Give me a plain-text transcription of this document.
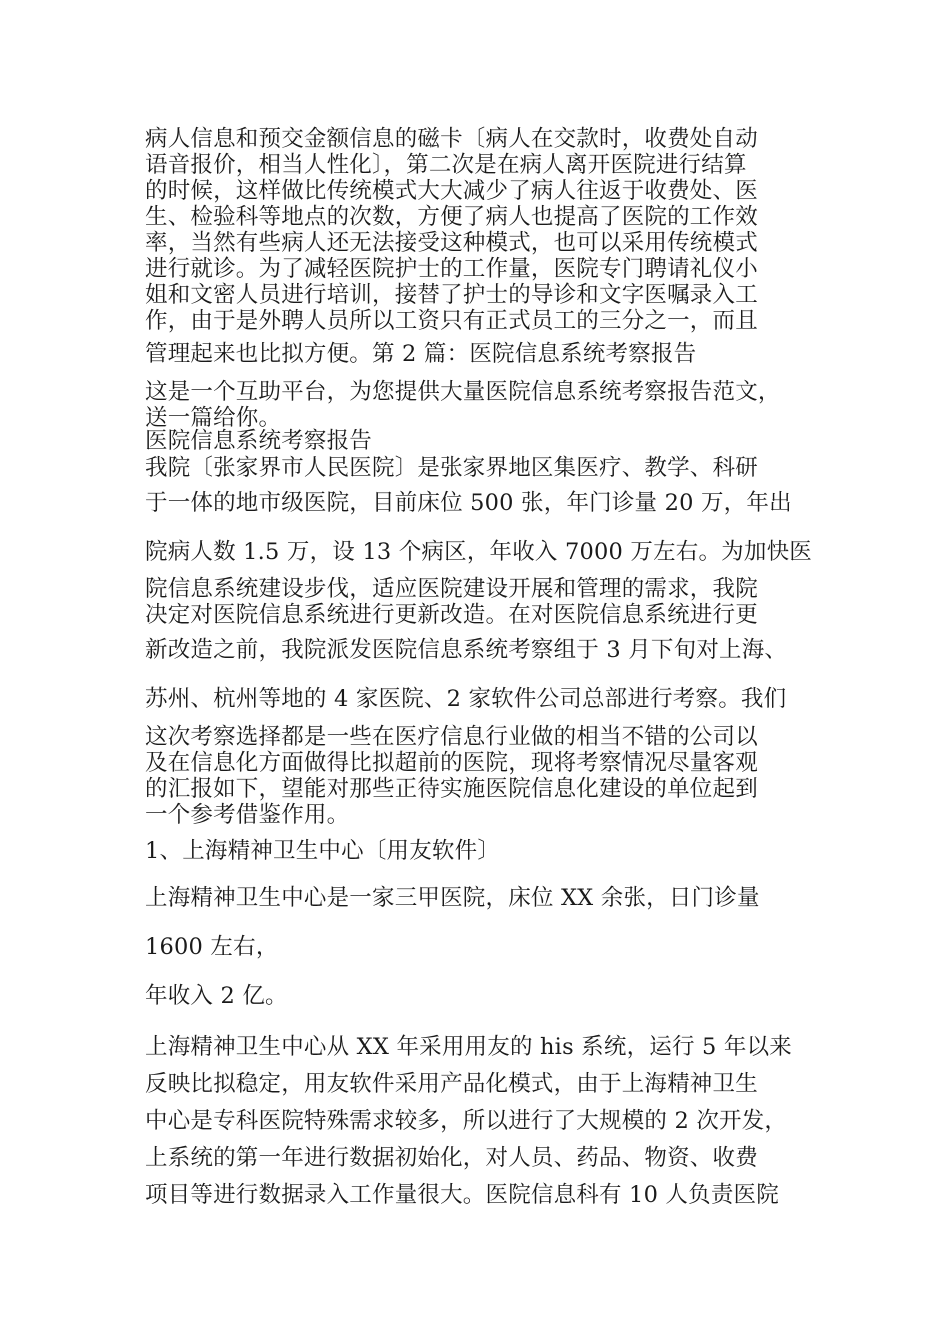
病人信息和预交金额信息的磁卡〔病人在交款时，收费处自动
语音报价，相当人性化〕，第二次是在病人离开医院进行结算
的时候，这样做比传统模式大大减少了病人往返于收费处、医
生、检验科等地点的次数，方便了病人也提高了医院的工作效
率，当然有些病人还无法接受这种模式，也可以采用传统模式
进行就诊。为了减轻医院护士的工作量，医院专门聘请礼仪小
姐和文密人员进行培训，接替了护士的导诊和文字医嘱录入工
作，由于是外聘人员所以工资只有正式员工的三分之一，而且
管理起来也比拟方便。第 2 篇：医院信息系统考察报告
这是一个互助平台，为您提供大量医院信息系统考察报告范文，
送一篇给你。
医院信息系统考察报告
我院〔张家界市人民医院〕是张家界地区集医疗、教学、科研
于一体的地市级医院，目前床位 500 张，年门诊量 20 万，年出
院病人数 1.5 万，设 13 个病区，年收入 7000 万左右。为加快医
院信息系统建设步伐，适应医院建设开展和管理的需求，我院
决定对医院信息系统进行更新改造。在对医院信息系统进行更
新改造之前，我院派发医院信息系统考察组于 3 月下旬对上海、
苏州、杭州等地的 4 家医院、2 家软件公司总部进行考察。我们
这次考察选择都是一些在医疗信息行业做的相当不错的公司以
及在信息化方面做得比拟超前的医院，现将考察情况尽量客观
的汇报如下，望能对那些正待实施医院信息化建设的单位起到
一个参考借鉴作用。
1、上海精神卫生中心〔用友软件〕
上海精神卫生中心是一家三甲医院，床位 XX 余张，日门诊量
1600 左右，
年收入 2 亿。
上海精神卫生中心从 XX 年采用用友的 his 系统，运行 5 年以来
反映比拟稳定，用友软件采用产品化模式，由于上海精神卫生
中心是专科医院特殊需求较多，所以进行了大规模的 2 次开发，
上系统的第一年进行数据初始化，对人员、药品、物资、收费
项目等进行数据录入工作量很大。医院信息科有 10 人负责医院
